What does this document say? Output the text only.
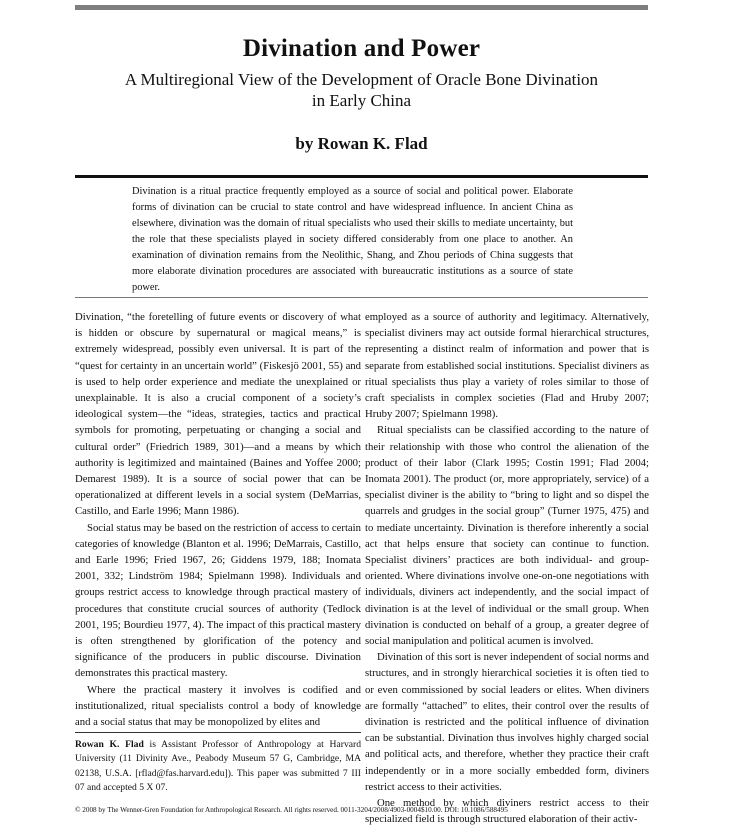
Divination and Power
A Multiregional View of the Development of Oracle Bone Divination
in Early China
by Rowan K. Flad

Divination is a ritual practice frequently employed as a source of social and political power. Elaborate forms of divination can be crucial to state control and have widespread influence. In ancient China as elsewhere, divination was the domain of ritual specialists who used their skills to mediate uncertainty, but the role that these specialists played in society differed considerably from one place to another. An examination of divination remains from the Neolithic, Shang, and Zhou periods of China suggests that more elaborate divination procedures are associated with bureaucratic institutions as a source of state power.

Divination, “the foretelling of future events or discovery of what is hidden or obscure by supernatural or magical means,” is extremely widespread, possibly even universal. It is part of the “quest for certainty in an uncertain world” (Fiskesjö 2001, 55) and is used to help order experience and mediate the unexplained or unexplainable. It is also a crucial component of a society’s ideological system—the “ideas, strategies, tactics and practical symbols for promoting, perpetuating or changing a social and cultural order” (Friedrich 1989, 301)—and a means by which authority is legitimized and maintained (Baines and Yoffee 2000; Demarest 1989). It is a source of social power that can be operationalized at different levels in a social system (DeMarrias, Castillo, and Earle 1996; Mann 1986).

Social status may be based on the restriction of access to certain categories of knowledge (Blanton et al. 1996; DeMarrais, Castillo, and Earle 1996; Fried 1967, 26; Giddens 1979, 188; Inomata 2001, 332; Lindström 1984; Spielmann 1998). Individuals and groups restrict access to knowledge through practical mastery of procedures that constitute crucial sources of authority (Tedlock 2001, 195; Bourdieu 1977, 4). The impact of this practical mastery is often strengthened by glorification of the potency and significance of the producers in public discourse. Divination demonstrates this practical mastery.

Where the practical mastery it involves is codified and institutionalized, ritual specialists control a body of knowledge and a social status that may be monopolized by elites and

Rowan K. Flad is Assistant Professor of Anthropology at Harvard University (11 Divinity Ave., Peabody Museum 57 G, Cambridge, MA 02138, U.S.A. [rflad@fas.harvard.edu]). This paper was submitted 7 III 07 and accepted 5 X 07.

employed as a source of authority and legitimacy. Alternatively, specialist diviners may act outside formal hierarchical structures, representing a distinct realm of information and power that is separate from established social institutions. Specialist diviners as ritual specialists thus play a variety of roles similar to those of craft specialists in complex societies (Flad and Hruby 2007; Hruby 2007; Spielmann 1998).

Ritual specialists can be classified according to the nature of their relationship with those who control the alienation of the product of their labor (Clark 1995; Costin 1991; Flad 2004; Inomata 2001). The product (or, more appropriately, service) of a specialist diviner is the ability to “bring to light and so dispel the quarrels and grudges in the social group” (Turner 1975, 475) and to mediate uncertainty. Divination is therefore inherently a social act that helps ensure that society can continue to function. Specialist diviners’ practices are both individual- and group-oriented. Where divinations involve one-on-one negotiations with individuals, diviners act independently, and the social impact of divination is at the level of individual or the small group. When divination is conducted on behalf of a group, a greater degree of social manipulation and political acumen is involved.

Divination of this sort is never independent of social norms and structures, and in strongly hierarchical societies it is often tied to or even commissioned by social leaders or elites. When diviners are formally “attached” to elites, their control over the results of divination is restricted and the political influence of divination can be substantial. Divination thus involves highly charged social and political acts, and therefore, whether they practice their craft independently or in a more socially embedded form, diviners restrict access to their activities.

One method by which diviners restrict access to their specialized field is through structured elaboration of their activ-

© 2008 by The Wenner-Gren Foundation for Anthropological Research. All rights reserved. 0011-3204/2008/4903-0004$10.00. DOI: 10.1086/588495
